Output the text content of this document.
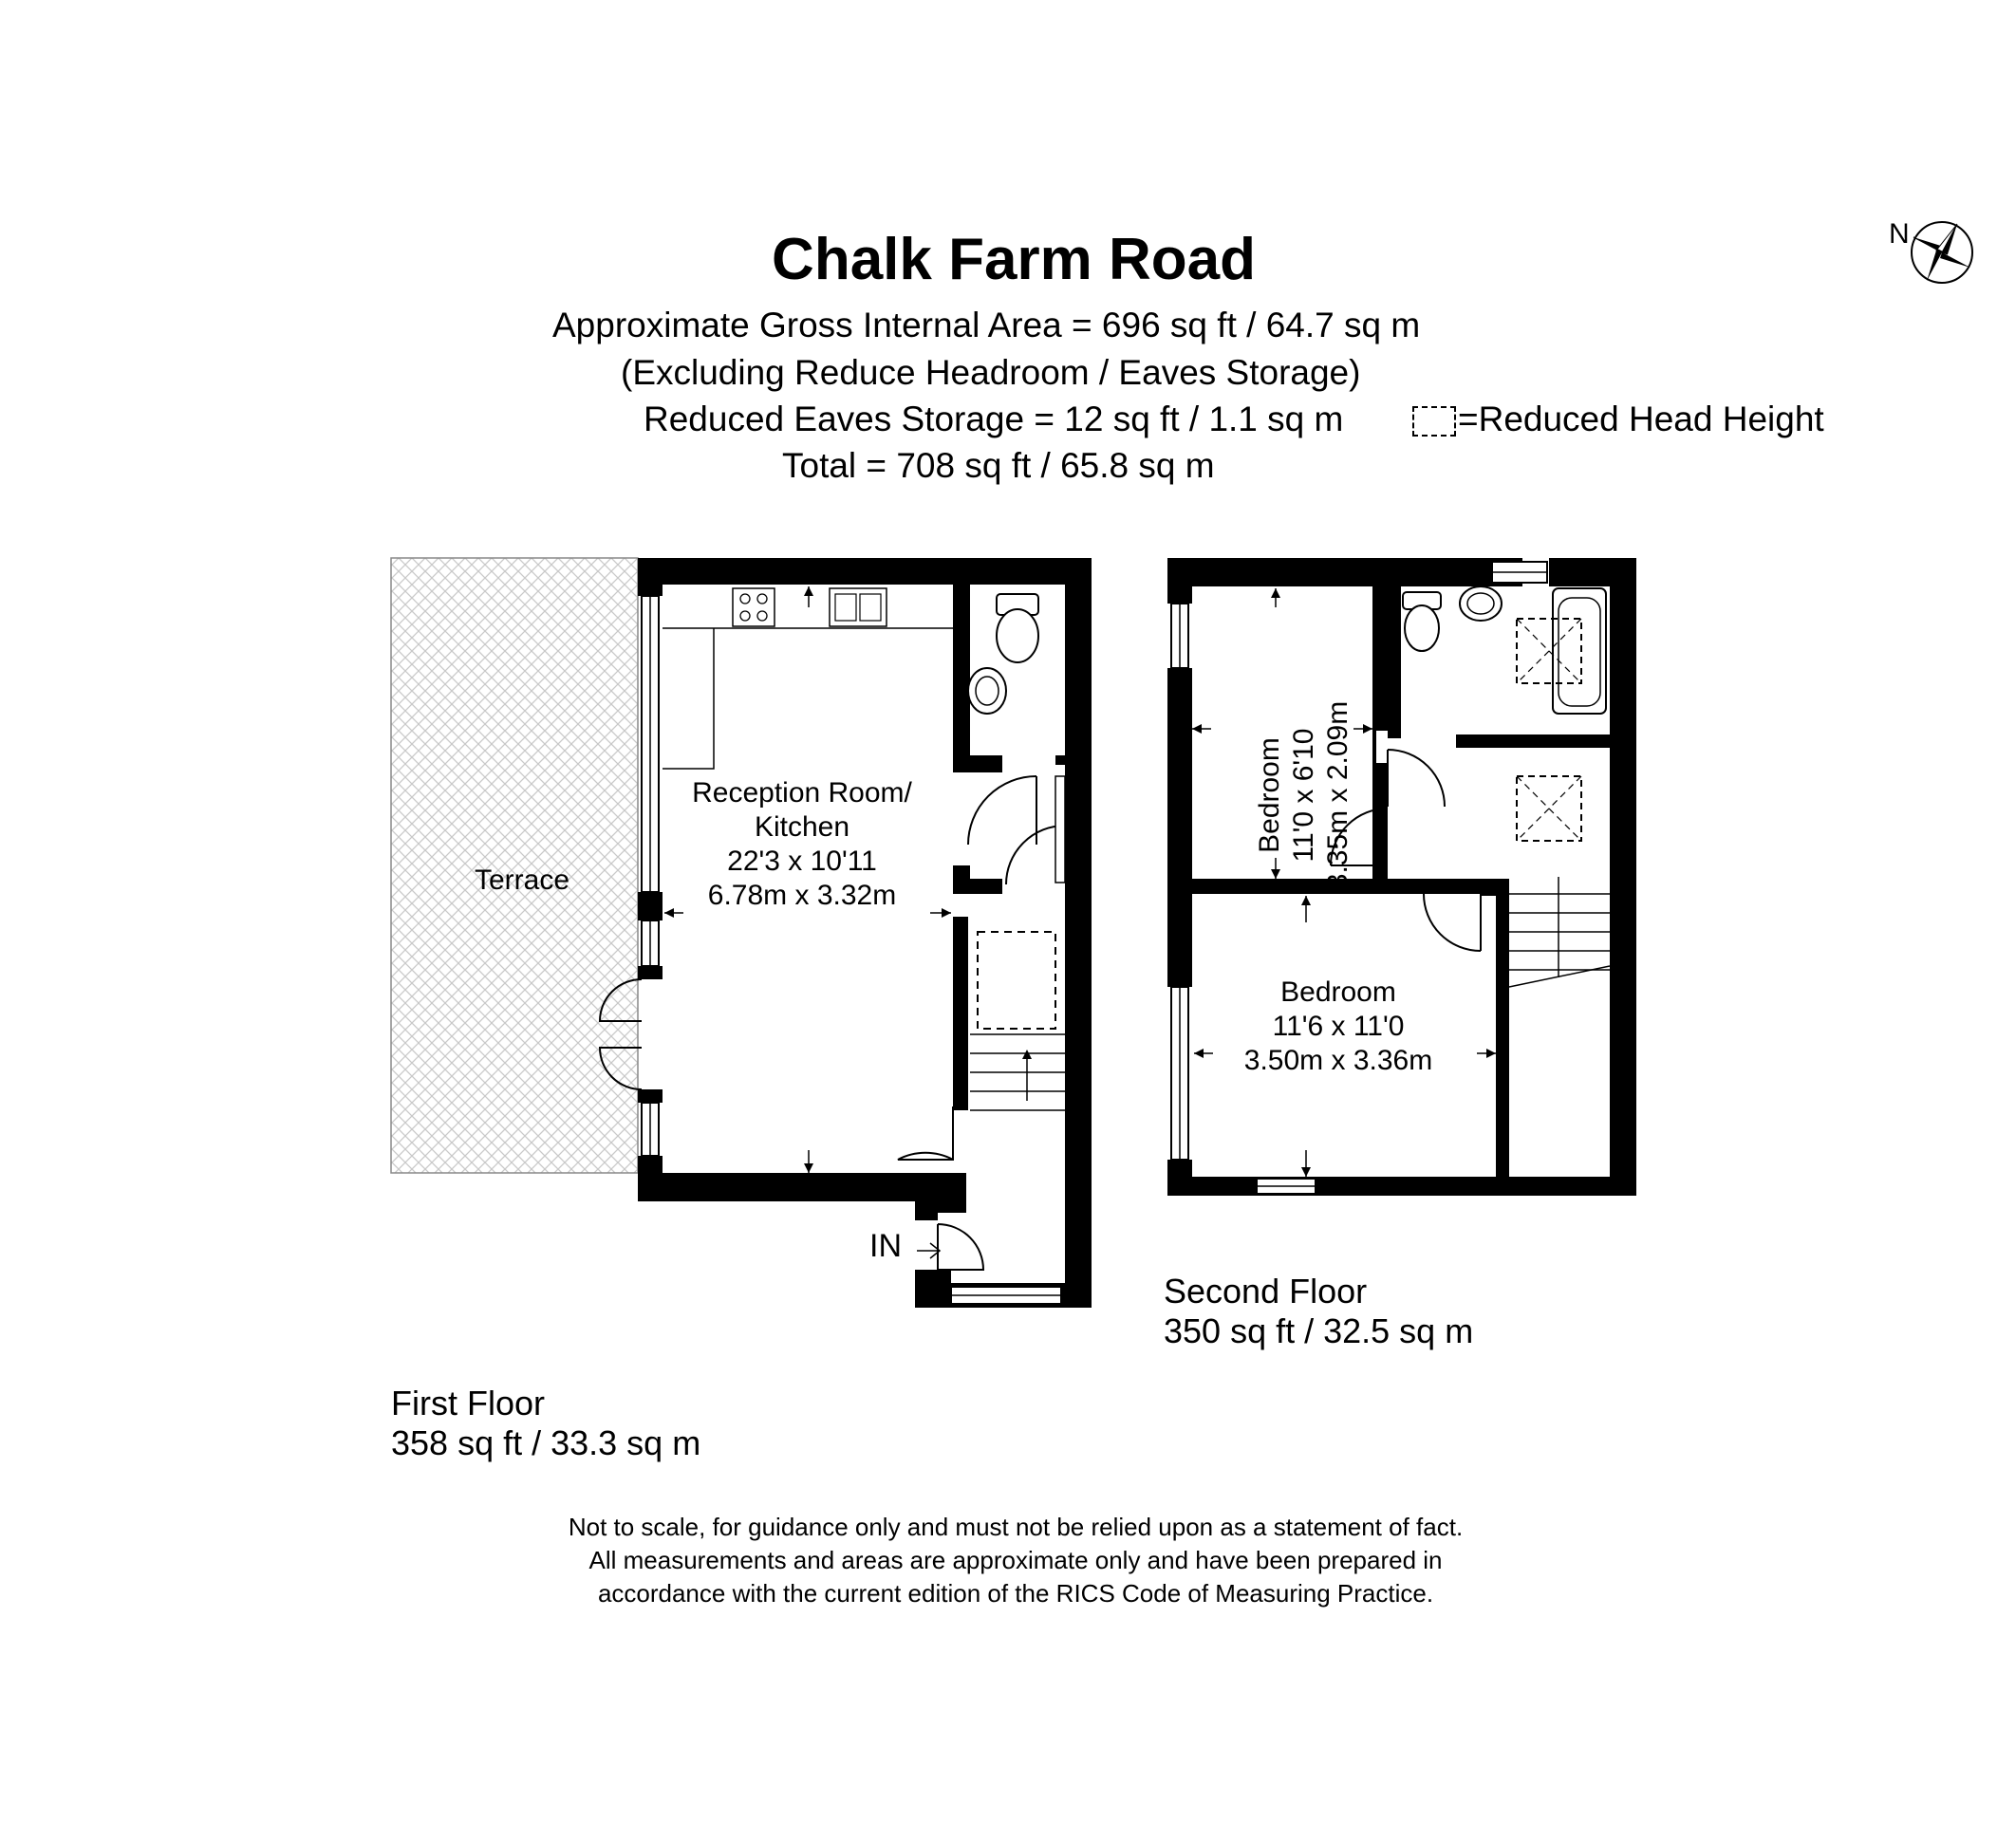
Chalk Farm Road
Approximate Gross Internal Area = 696 sq ft / 64.7 sq m
(Excluding Reduce Headroom / Eaves Storage)
Reduced Eaves Storage = 12 sq ft / 1.1 sq m	=Reduced Head Height
Total = 708 sq ft / 65.8 sq m
N
Terrace
Reception Room/
Kitchen
22'3 x 10'11
6.78m x 3.32m
IN
Bedroom 11'0 x 6'10 3.35m x 2.09m
Bedroom
11'6 x 11'0
3.50m x 3.36m
Second Floor
350 sq ft / 32.5 sq m
First Floor
358 sq ft / 33.3 sq m
Not to scale, for guidance only and must not be relied upon as a statement of fact.
All measurements and areas are approximate only and have been prepared in
accordance with the current edition of the RICS Code of Measuring Practice.
